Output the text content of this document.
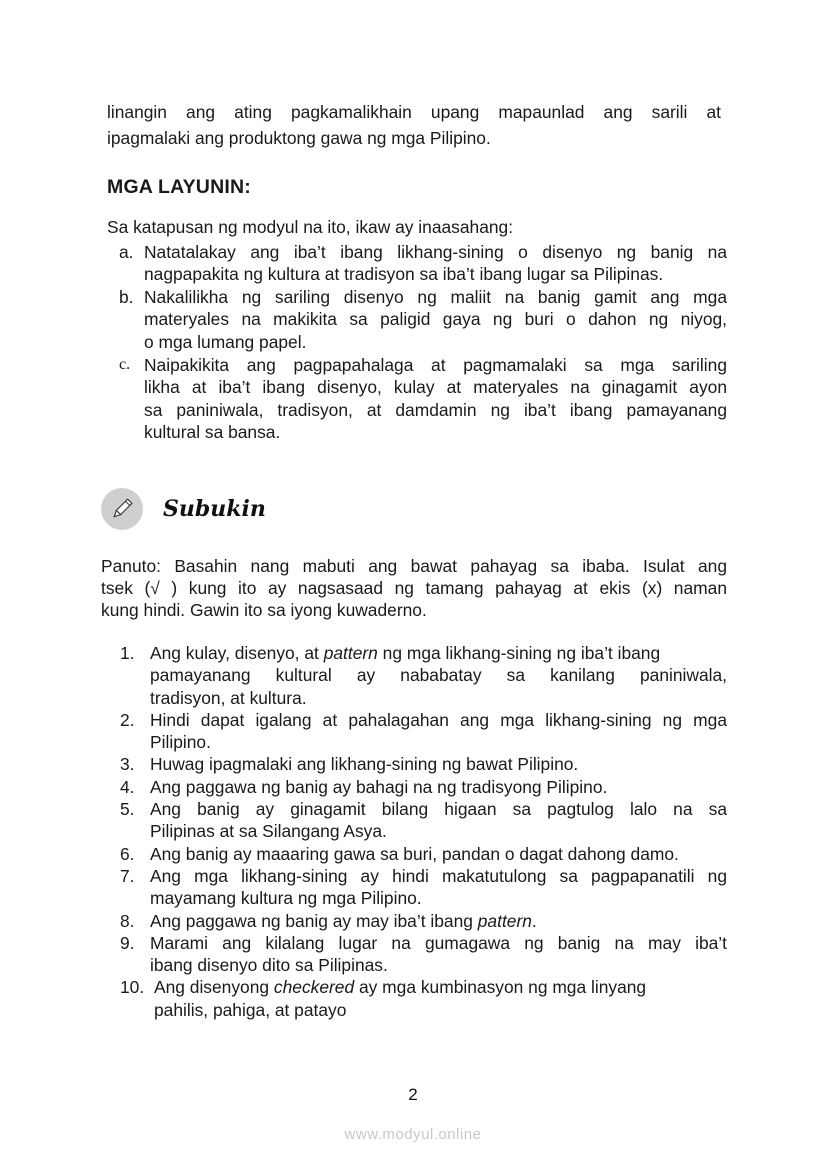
linangin ang ating pagkamalikhain upang mapaunlad ang sarili at
ipagmalaki ang produktong gawa ng mga Pilipino.
MGA LAYUNIN:

Sa katapusan ng modyul na ito, ikaw ay inaasahang:

a. Natatalakay ang iba’t ibang likhang-sining o disenyo ng banig na
nagpapakita ng kultura at tradisyon sa iba’t ibang lugar sa Pilipinas.
b. Nakalilikha ng sariling disenyo ng maliit na banig gamit ang mga
materyales na makikita sa paligid gaya ng buri o dahon ng niyog,
o mga lumang papel.
c. Naipakikita ang pagpapahalaga at pagmamalaki sa mga sariling
likha at iba’t ibang disenyo, kulay at materyales na ginagamit ayon
sa paniniwala, tradisyon, at damdamin ng iba’t ibang pamayanang
kultural sa bansa.
Subukin
Panuto: Basahin nang mabuti ang bawat pahayag sa ibaba. Isulat ang
tsek (√ ) kung ito ay nagsasaad ng tamang pahayag at ekis (x) naman
kung hindi. Gawin ito sa iyong kuwaderno.
1. Ang kulay, disenyo, at pattern ng mga likhang-sining ng iba’t ibang
pamayanang kultural ay nababatay sa kanilang paniniwala,
tradisyon, at kultura.
2. Hindi dapat igalang at pahalagahan ang mga likhang-sining ng mga
Pilipino.
3. Huwag ipagmalaki ang likhang-sining ng bawat Pilipino.
4. Ang paggawa ng banig ay bahagi na ng tradisyong Pilipino.
5. Ang banig ay ginagamit bilang higaan sa pagtulog lalo na sa
Pilipinas at sa Silangang Asya.
6. Ang banig ay maaaring gawa sa buri, pandan o dagat dahong damo.
7. Ang mga likhang-sining ay hindi makatutulong sa pagpapanatili ng
mayamang kultura ng mga Pilipino.
8. Ang paggawa ng banig ay may iba’t ibang pattern.
9. Marami ang kilalang lugar na gumagawa ng banig na may iba’t
ibang disenyo dito sa Pilipinas.
10. Ang disenyong checkered ay mga kumbinasyon ng mga linyang
pahilis, pahiga, at patayo
2
www.modyul.online
